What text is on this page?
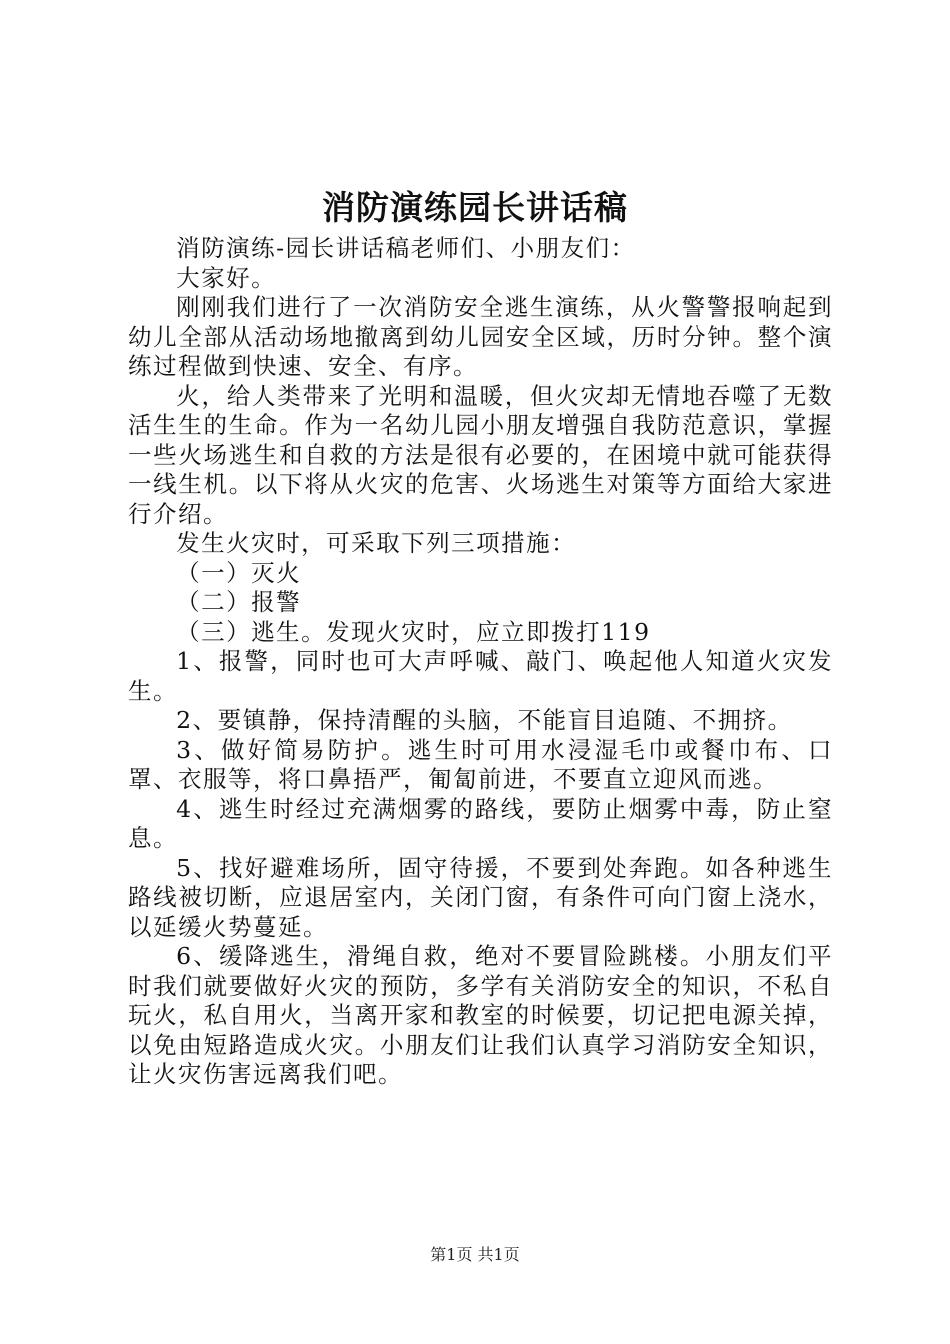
消防演练园长讲话稿

消防演练-园长讲话稿老师们、小朋友们：

大家好。

刚刚我们进行了一次消防安全逃生演练，从火警警报响起到幼儿全部从活动场地撤离到幼儿园安全区域，历时分钟。整个演练过程做到快速、安全、有序。

火，给人类带来了光明和温暖，但火灾却无情地吞噬了无数活生生的生命。作为一名幼儿园小朋友增强自我防范意识，掌握一些火场逃生和自救的方法是很有必要的，在困境中就可能获得一线生机。以下将从火灾的危害、火场逃生对策等方面给大家进行介绍。

发生火灾时，可采取下列三项措施：

（一）灭火

（二）报警

（三）逃生。发现火灾时，应立即拨打119

1、报警，同时也可大声呼喊、敲门、唤起他人知道火灾发生。

2、要镇静，保持清醒的头脑，不能盲目追随、不拥挤。

3、做好简易防护。逃生时可用水浸湿毛巾或餐巾布、口罩、衣服等，将口鼻捂严，匍匐前进，不要直立迎风而逃。

4、逃生时经过充满烟雾的路线，要防止烟雾中毒，防止窒息。

5、找好避难场所，固守待援，不要到处奔跑。如各种逃生路线被切断，应退居室内，关闭门窗，有条件可向门窗上浇水，以延缓火势蔓延。

6、缓降逃生，滑绳自救，绝对不要冒险跳楼。小朋友们平时我们就要做好火灾的预防，多学有关消防安全的知识，不私自玩火，私自用火，当离开家和教室的时候要，切记把电源关掉，以免由短路造成火灾。小朋友们让我们认真学习消防安全知识，让火灾伤害远离我们吧。

第1页 共1页
